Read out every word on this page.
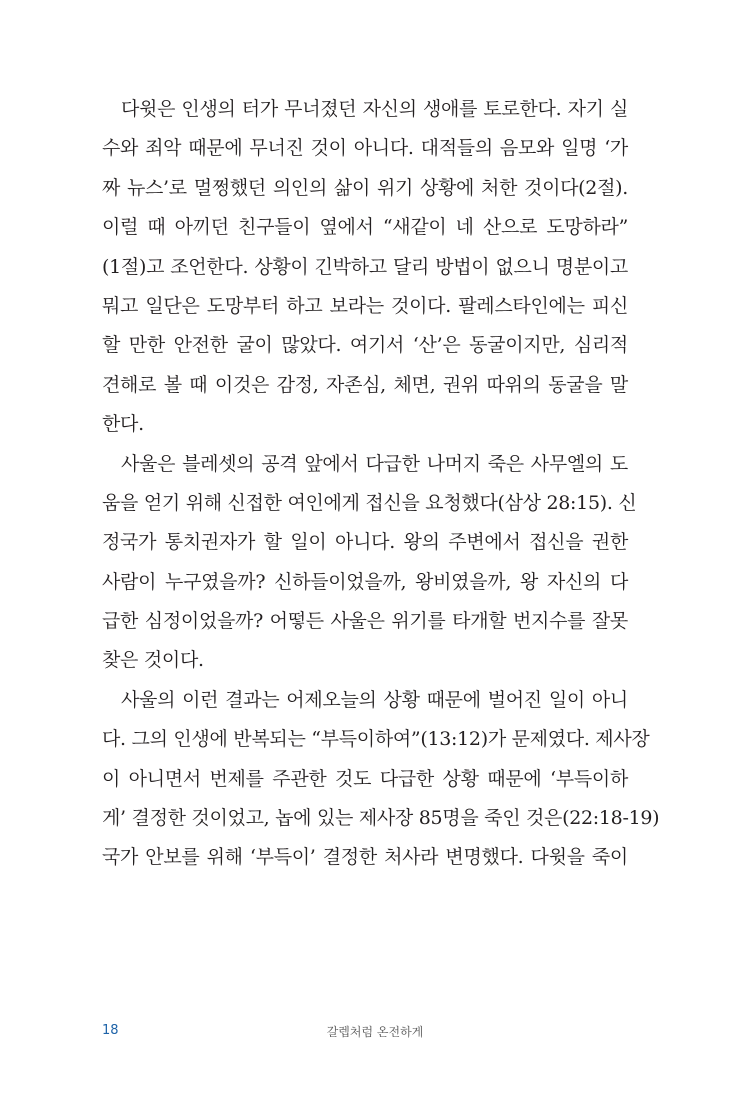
다윗은 인생의 터가 무너졌던 자신의 생애를 토로한다. 자기 실
수와 죄악 때문에 무너진 것이 아니다. 대적들의 음모와 일명 ‘가
짜 뉴스’로 멀쩡했던 의인의 삶이 위기 상황에 처한 것이다(2절).
이럴 때 아끼던 친구들이 옆에서 “새같이 네 산으로 도망하라”
(1절)고 조언한다. 상황이 긴박하고 달리 방법이 없으니 명분이고
뭐고 일단은 도망부터 하고 보라는 것이다. 팔레스타인에는 피신
할 만한 안전한 굴이 많았다. 여기서 ‘산’은 동굴이지만, 심리적
견해로 볼 때 이것은 감정, 자존심, 체면, 권위 따위의 동굴을 말
한다.
사울은 블레셋의 공격 앞에서 다급한 나머지 죽은 사무엘의 도
움을 얻기 위해 신접한 여인에게 접신을 요청했다(삼상 28:15). 신
정국가 통치권자가 할 일이 아니다. 왕의 주변에서 접신을 권한
사람이 누구였을까? 신하들이었을까, 왕비였을까, 왕 자신의 다
급한 심정이었을까? 어떻든 사울은 위기를 타개할 번지수를 잘못
찾은 것이다.
사울의 이런 결과는 어제오늘의 상황 때문에 벌어진 일이 아니
다. 그의 인생에 반복되는 “부득이하여”(13:12)가 문제였다. 제사장
이 아니면서 번제를 주관한 것도 다급한 상황 때문에 ‘부득이하
게’ 결정한 것이었고, 놉에 있는 제사장 85명을 죽인 것은(22:18-19)
국가 안보를 위해 ‘부득이’ 결정한 처사라 변명했다. 다윗을 죽이
18	갈렙처럼 온전하게
